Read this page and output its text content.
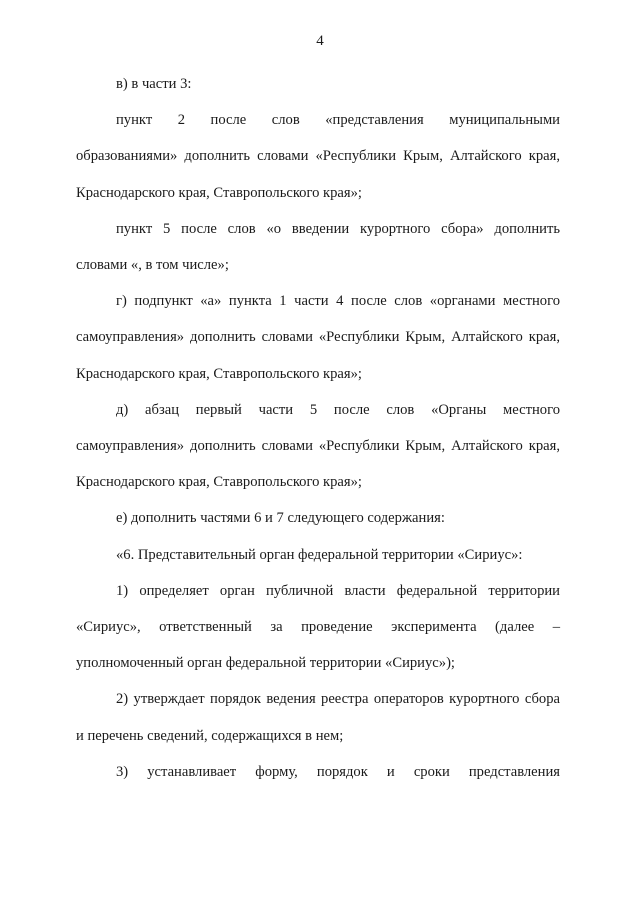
4
в) в части 3:
пункт 2 после слов «представления муниципальными
образованиями» дополнить словами «Республики Крым, Алтайского края,
Краснодарского края, Ставропольского края»;
пункт 5 после слов «о введении курортного сбора» дополнить
словами «, в том числе»;
г) подпункт «а» пункта 1 части 4 после слов «органами местного
самоуправления» дополнить словами «Республики Крым, Алтайского края,
Краснодарского края, Ставропольского края»;
д) абзац первый части 5 после слов «Органы местного
самоуправления» дополнить словами «Республики Крым, Алтайского края,
Краснодарского края, Ставропольского края»;
е) дополнить частями 6 и 7 следующего содержания:
«6. Представительный орган федеральной территории «Сириус»:
1) определяет орган публичной власти федеральной территории
«Сириус», ответственный за проведение эксперимента (далее –
уполномоченный орган федеральной территории «Сириус»);
2) утверждает порядок ведения реестра операторов курортного сбора
и перечень сведений, содержащихся в нем;
3) устанавливает форму, порядок и сроки представления
